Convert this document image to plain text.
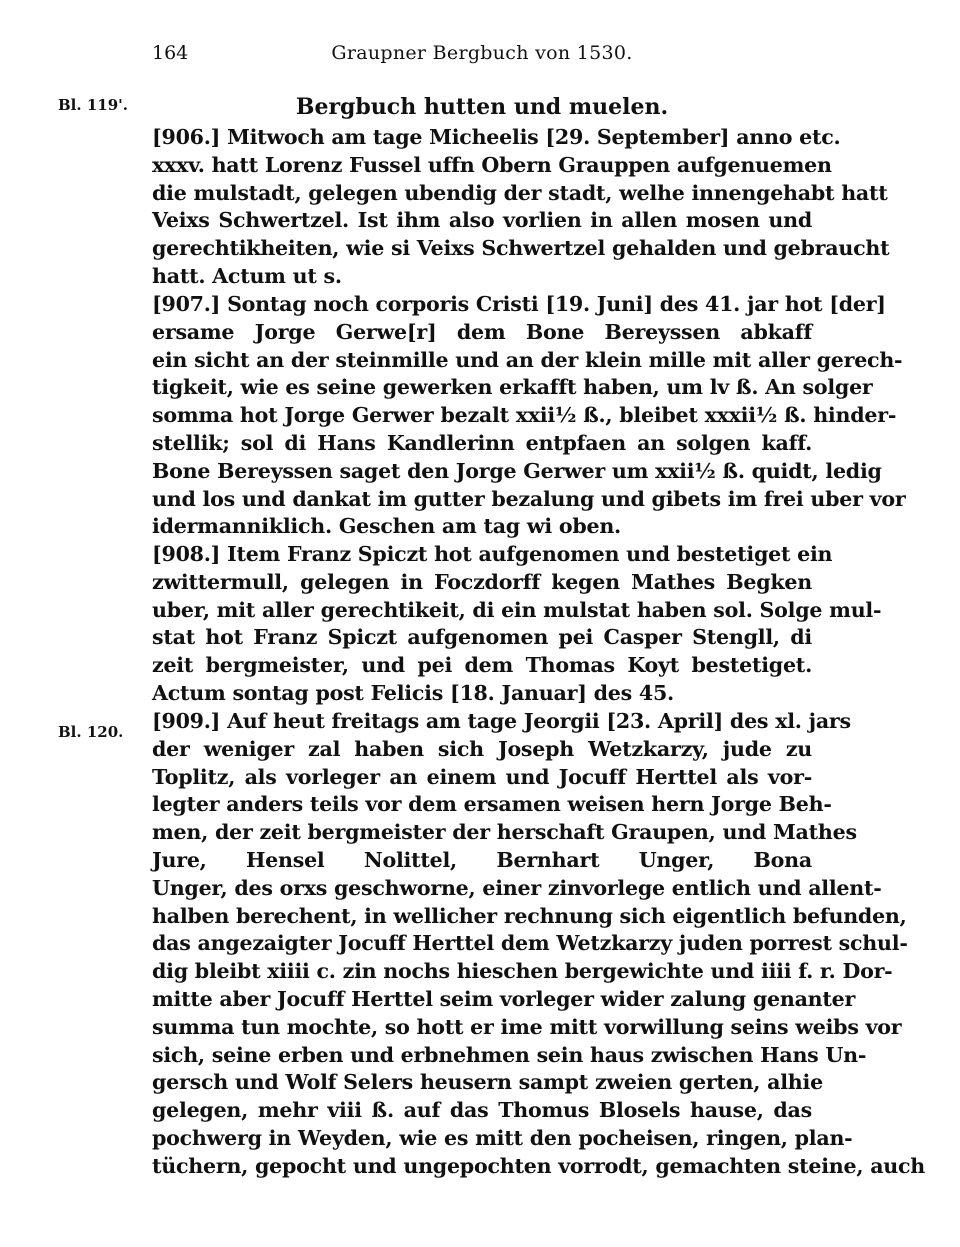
164	Graupner Bergbuch von 1530.
Bl. 119'.
Bl. 120.
Bergbuch hutten und muelen.
[906.] Mitwoch am tage Micheelis [29. September] anno etc.
xxxv. hatt Lorenz Fussel uffn Obern Grauppen aufgenuemen
die mulstadt, gelegen ubendig der stadt, welhe innengehabt hatt
Veixs Schwertzel. Ist ihm also vorlien in allen mosen und
gerechtikheiten, wie si Veixs Schwertzel gehalden und gebraucht
hatt. Actum ut s.
[907.] Sontag noch corporis Cristi [19. Juni] des 41. jar hot [der]
ersame Jorge Gerwe[r] dem Bone Bereyssen abkaff
ein sicht an der steinmille und an der klein mille mit aller gerech-
tigkeit, wie es seine gewerken erkafft haben, um lv ß. An solger
somma hot Jorge Gerwer bezalt xxii½ ß., bleibet xxxii½ ß. hinder-
stellik; sol di Hans Kandlerinn entpfaen an solgen kaff.
Bone Bereyssen saget den Jorge Gerwer um xxii½ ß. quidt, ledig
und los und dankat im gutter bezalung und gibets im frei uber vor
idermanniklich. Geschen am tag wi oben.
[908.] Item Franz Spiczt hot aufgenomen und bestetiget ein
zwittermull, gelegen in Foczdorff kegen Mathes Begken
uber, mit aller gerechtikeit, di ein mulstat haben sol. Solge mul-
stat hot Franz Spiczt aufgenomen pei Casper Stengll, di
zeit bergmeister, und pei dem Thomas Koyt bestetiget.
Actum sontag post Felicis [18. Januar] des 45.
[909.] Auf heut freitags am tage Jeorgii [23. April] des xl. jars
der weniger zal haben sich Joseph Wetzkarzy, jude zu
Toplitz, als vorleger an einem und Jocuff Herttel als vor-
legter anders teils vor dem ersamen weisen hern Jorge Beh-
men, der zeit bergmeister der herschaft Graupen, und Mathes
Jure, Hensel Nolittel, Bernhart Unger, Bona
Unger, des orxs geschworne, einer zinvorlege entlich und allent-
halben berechent, in wellicher rechnung sich eigentlich befunden,
das angezaigter Jocuff Herttel dem Wetzkarzy juden porrest schul-
dig bleibt xiiii c. zin nochs hieschen bergewichte und iiii f. r. Dor-
mitte aber Jocuff Herttel seim vorleger wider zalung genanter
summa tun mochte, so hott er ime mitt vorwillung seins weibs vor
sich, seine erben und erbnehmen sein haus zwischen Hans Un-
gersch und Wolf Selers heusern sampt zweien gerten, alhie
gelegen, mehr viii ß. auf das Thomus Blosels hause, das
pochwerg in Weyden, wie es mitt den pocheisen, ringen, plan-
tüchern, gepocht und ungepochten vorrodt, gemachten steine, auch
